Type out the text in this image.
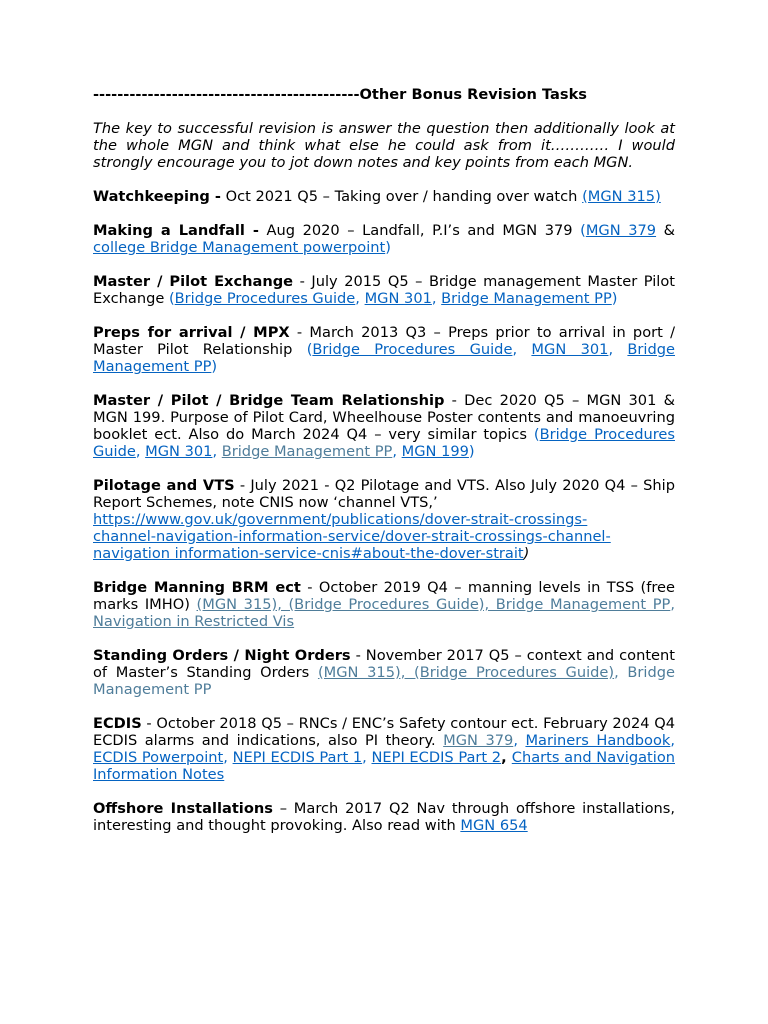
--------------------------------------------Other Bonus Revision Tasks

The key to successful revision is answer the question then additionally look at the whole MGN and think what else he could ask from it………… I would strongly encourage you to jot down notes and key points from each MGN.

Watchkeeping - Oct 2021 Q5 – Taking over / handing over watch (MGN 315)

Making a Landfall - Aug 2020 – Landfall, P.I’s and MGN 379 (MGN 379 & college Bridge Management powerpoint)

Master / Pilot Exchange - July 2015 Q5 – Bridge management Master Pilot Exchange (Bridge Procedures Guide, MGN 301, Bridge Management PP)

Preps for arrival / MPX - March 2013 Q3 – Preps prior to arrival in port / Master Pilot Relationship (Bridge Procedures Guide, MGN 301, Bridge Management PP)

Master / Pilot / Bridge Team Relationship - Dec 2020 Q5 – MGN 301 & MGN 199. Purpose of Pilot Card, Wheelhouse Poster contents and manoeuvring booklet ect. Also do March 2024 Q4 – very similar topics (Bridge Procedures Guide, MGN 301, Bridge Management PP, MGN 199)

Pilotage and VTS - July 2021 - Q2 Pilotage and VTS. Also July 2020 Q4 – Ship Report Schemes, note CNIS now ‘channel VTS,’
https://www.gov.uk/government/publications/dover-strait-crossings-
channel-navigation-information-service/dover-strait-crossings-channel-
navigation information-service-cnis#about-the-dover-strait)

Bridge Manning BRM ect - October 2019 Q4 – manning levels in TSS (free marks IMHO) (MGN 315), (Bridge Procedures Guide), Bridge Management PP, Navigation in Restricted Vis

Standing Orders / Night Orders - November 2017 Q5 – context and content of Master’s Standing Orders (MGN 315), (Bridge Procedures Guide), Bridge Management PP

ECDIS - October 2018 Q5 – RNCs / ENC’s Safety contour ect. February 2024 Q4 ECDIS alarms and indications, also PI theory. MGN 379, Mariners Handbook, ECDIS Powerpoint, NEPI ECDIS Part 1, NEPI ECDIS Part 2, Charts and Navigation Information Notes

Offshore Installations – March 2017 Q2 Nav through offshore installations, interesting and thought provoking. Also read with MGN 654
